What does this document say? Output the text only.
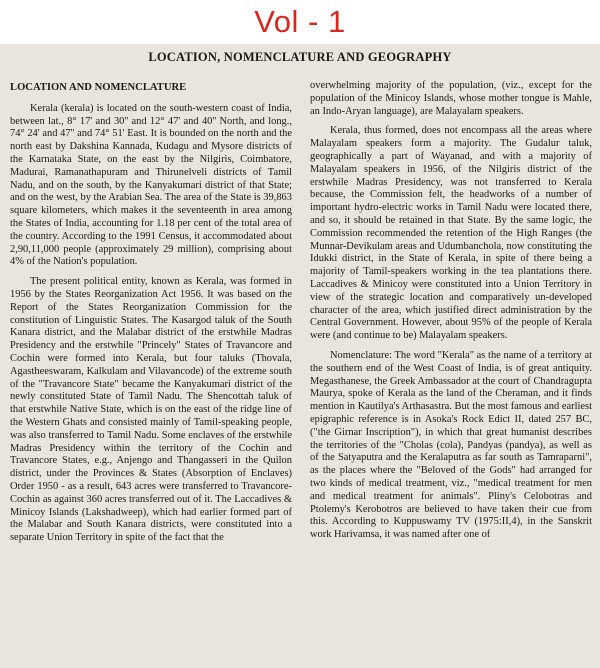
Vol - 1
LOCATION, NOMENCLATURE AND GEOGRAPHY
LOCATION AND NOMENCLATURE

Kerala (kerala) is located on the south-western coast of India, between lat., 8° 17' and 30'' and 12° 47' and 40'' North, and long., 74° 24' and 47'' and 74° 51' East. It is bounded on the north and the north east by Dakshina Kannada, Kudagu and Mysore districts of the Karnataka State, on the east by the Nilgiris, Coimbatore, Madurai, Ramanathapuram and Thirunelveli districts of Tamil Nadu, and on the south, by the Kanyakumari district of that State; and on the west, by the Arabian Sea. The area of the State is 39,863 square kilometers, which makes it the seventeenth in area among the States of India, accounting for 1.18 per cent of the total area of the country. According to the 1991 Census, it accommodated about 2,90,11,000 people (approximately 29 million), comprising about 4% of the Nation's population.

The present political entity, known as Kerala, was formed in 1956 by the States Reorganization Act 1956. It was based on the Report of the States Reorganization Commission for the constitution of Linguistic States. The Kasargod taluk of the South Kanara district, and the Malabar district of the erstwhile Madras Presidency and the erstwhile "Princely" States of Travancore and Cochin were formed into Kerala, but four taluks (Thovala, Agastheeswaram, Kalkulam and Vilavancode) of the extreme south of the "Travancore State" became the Kanyakumari district of the newly constituted State of Tamil Nadu. The Shencottah taluk of that erstwhile Native State, which is on the east of the ridge line of the Western Ghats and consisted mainly of Tamil-speaking people, was also transferred to Tamil Nadu. Some enclaves of the erstwhile Madras Presidency within the territory of the Cochin and Travancore States, e.g., Anjengo and Thangasseri in the Quilon district, under the Provinces & States (Absorption of Enclaves) Order 1950 - as a result, 643 acres were transferred to Travancore-Cochin as against 360 acres transferred out of it. The Laccadives & Minicoy Islands (Lakshadweep), which had earlier formed part of the Malabar and South Kanara districts, were constituted into a separate Union Territory in spite of the fact that the

overwhelming majority of the population, (viz., except for the population of the Minicoy Islands, whose mother tongue is Mahle, an Indo-Aryan language), are Malayalam speakers.

Kerala, thus formed, does not encompass all the areas where Malayalam speakers form a majority. The Gudalur taluk, geographically a part of Wayanad, and with a majority of Malayalam speakers in 1956, of the Nilgiris district of the erstwhile Madras Presidency, was not transferred to Kerala because, the Commission felt, the headworks of a number of important hydro-electric works in Tamil Nadu were located there, and so, it should be retained in that State. By the same logic, the Commission recommended the retention of the High Ranges (the Munnar-Devikulam areas and Udumbanchola, now constituting the Idukki district, in the State of Kerala, in spite of there being a majority of Tamil-speakers working in the tea plantations there. Laccadives & Minicoy were constituted into a Union Territory in view of the strategic location and comparatively un-developed character of the area, which justified direct administration by the Central Government. However, about 95% of the people of Kerala were (and continue to be) Malayalam speakers.

Nomenclature: The word "Kerala" as the name of a territory at the southern end of the West Coast of India, is of great antiquity. Megasthanese, the Greek Ambassador at the court of Chandragupta Maurya, spoke of Kerala as the land of the Cheraman, and it finds mention in Kautilya's Arthasastra. But the most famous and earliest epigraphic reference is in Asoka's Rock Edict II, dated 257 BC, ("the Girnar Inscription"), in which that great humanist describes the territories of the "Cholas (cola), Pandyas (pandya), as well as of the Satyaputra and the Keralaputra as far south as Tamraparni", as the places where the "Beloved of the Gods" had arranged for two kinds of medical treatment, viz., "medical treatment for men and medical treatment for animals". Pliny's Celobotras and Ptolemy's Kerobotros are believed to have taken their cue from this. According to Kuppuswamy TV (1975:II,4), in the Sanskrit work Harivamsa, it was named after one of
